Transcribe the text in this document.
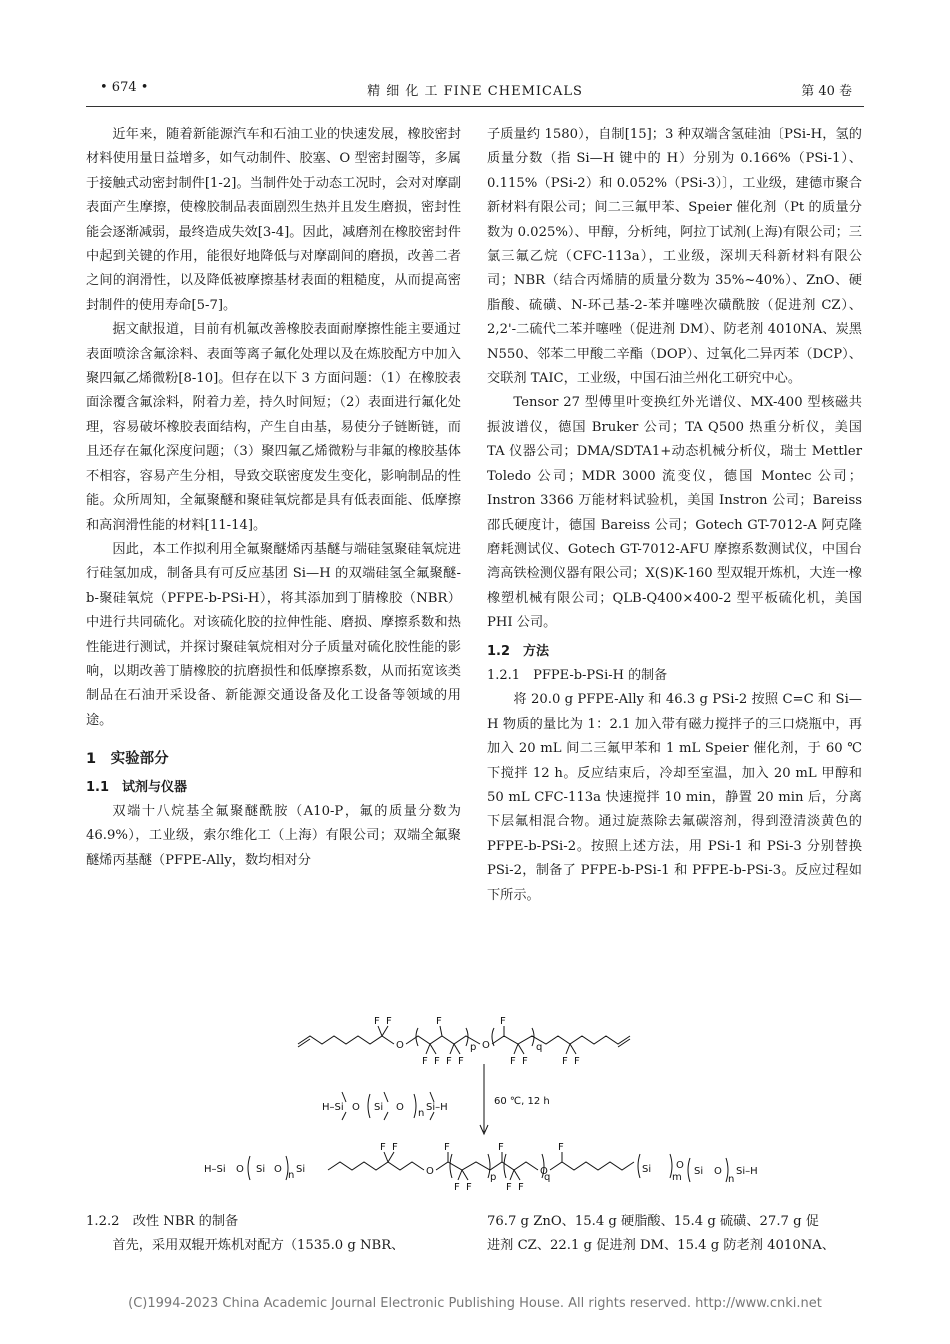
• 674 •	精 细 化 工 FINE CHEMICALS	第 40 卷

近年来，随着新能源汽车和石油工业的快速发展，橡胶密封材料使用量日益增多，如气动制件、胶塞、O 型密封圈等，多属于接触式动密封制件[1-2]。当制件处于动态工况时，会对对摩副表面产生摩擦，使橡胶制品表面剧烈生热并且发生磨损，密封性能会逐渐减弱，最终造成失效[3-4]。因此，减磨剂在橡胶密封件中起到关键的作用，能很好地降低与对摩副间的磨损，改善二者之间的润滑性，以及降低被摩擦基材表面的粗糙度，从而提高密封制件的使用寿命[5-7]。

据文献报道，目前有机氟改善橡胶表面耐摩擦性能主要通过表面喷涂含氟涂料、表面等离子氟化处理以及在炼胶配方中加入聚四氟乙烯微粉[8-10]。但存在以下 3 方面问题：（1）在橡胶表面涂覆含氟涂料，附着力差，持久时间短；（2）表面进行氟化处理，容易破坏橡胶表面结构，产生自由基，易使分子链断链，而且还存在氟化深度问题；（3）聚四氟乙烯微粉与非氟的橡胶基体不相容，容易产生分相，导致交联密度发生变化，影响制品的性能。众所周知，全氟聚醚和聚硅氧烷都是具有低表面能、低摩擦和高润滑性能的材料[11-14]。

因此，本工作拟利用全氟聚醚烯丙基醚与端硅氢聚硅氧烷进行硅氢加成，制备具有可反应基团 Si—H 的双端硅氢全氟聚醚-b-聚硅氧烷（PFPE-b-PSi-H），将其添加到丁腈橡胶（NBR）中进行共同硫化。对该硫化胶的拉伸性能、磨损、摩擦系数和热性能进行测试，并探讨聚硅氧烷相对分子质量对硫化胶性能的影响，以期改善丁腈橡胶的抗磨损性和低摩擦系数，从而拓宽该类制品在石油开采设备、新能源交通设备及化工设备等领域的用途。

1　实验部分
1.1　试剂与仪器

双端十八烷基全氟聚醚酰胺（A10-P，氟的质量分数为 46.9%），工业级，索尔维化工（上海）有限公司；双端全氟聚醚烯丙基醚（PFPE-Ally，数均相对分

子质量约 1580），自制[15]；3 种双端含氢硅油〔PSi-H，氢的质量分数（指 Si—H 键中的 H）分别为 0.166%（PSi-1）、0.115%（PSi-2）和 0.052%（PSi-3）〕，工业级，建德市聚合新材料有限公司；间二三氟甲苯、Speier 催化剂（Pt 的质量分数为 0.025%）、甲醇，分析纯，阿拉丁试剂(上海)有限公司；三氯三氟乙烷（CFC-113a），工业级，深圳天科新材料有限公司；NBR（结合丙烯腈的质量分数为 35%~40%）、ZnO、硬脂酸、硫磺、N-环己基-2-苯并噻唑次磺酰胺（促进剂 CZ）、2,2'-二硫代二苯并噻唑（促进剂 DM）、防老剂 4010NA、炭黑 N550、邻苯二甲酸二辛酯（DOP）、过氧化二异丙苯（DCP）、交联剂 TAIC，工业级，中国石油兰州化工研究中心。

Tensor 27 型傅里叶变换红外光谱仪、MX-400 型核磁共振波谱仪，德国 Bruker 公司；TA Q500 热重分析仪，美国 TA 仪器公司；DMA/SDTA1+动态机械分析仪，瑞士 Mettler Toledo 公司；MDR 3000 流变仪，德国 Montec 公司；Instron 3366 万能材料试验机，美国 Instron 公司；Bareiss 邵氏硬度计，德国 Bareiss 公司；Gotech GT-7012-A 阿克隆磨耗测试仪、Gotech GT-7012-AFU 摩擦系数测试仪，中国台湾高铁检测仪器有限公司；X(S)K-160 型双辊开炼机，大连一橡橡塑机械有限公司；QLB-Q400×400-2 型平板硫化机，美国 PHI 公司。

1.2　方法
1.2.1　PFPE-b-PSi-H 的制备

将 20.0 g PFPE-Ally 和 46.3 g PSi-2 按照 C=C 和 Si—H 物质的量比为 1：2.1 加入带有磁力搅拌子的三口烧瓶中，再加入 20 mL 间二三氟甲苯和 1 mL Speier 催化剂，于 60 ℃下搅拌 12 h。反应结束后，冷却至室温，加入 20 mL 甲醇和 50 mL CFC-113a 快速搅拌 10 min，静置 20 min 后，分离下层氟相混合物。通过旋蒸除去氟碳溶剂，得到澄清淡黄色的 PFPE-b-PSi-2。按照上述方法，用 PSi-1 和 PSi-3 分别替换 PSi-2，制备了 PFPE-b-PSi-1 和 PFPE-b-PSi-3。反应过程如下所示。

O	O
F F
F F
F
F F
F
F F	F F
p	q
H–Si O Si O
n
Si–H
60 ℃, 12 h
H–Si O Si O
n
Si	O	O
F F	F
F F
F
F F
F
p	q	m
Si O
Si O
n
Si–H

1.2.2　改性 NBR 的制备

首先，采用双辊开炼机对配方（1535.0 g NBR、

76.7 g ZnO、15.4 g 硬脂酸、15.4 g 硫磺、27.7 g 促

进剂 CZ、22.1 g 促进剂 DM、15.4 g 防老剂 4010NA、

(C)1994-2023 China Academic Journal Electronic Publishing House. All rights reserved. http://www.cnki.net
